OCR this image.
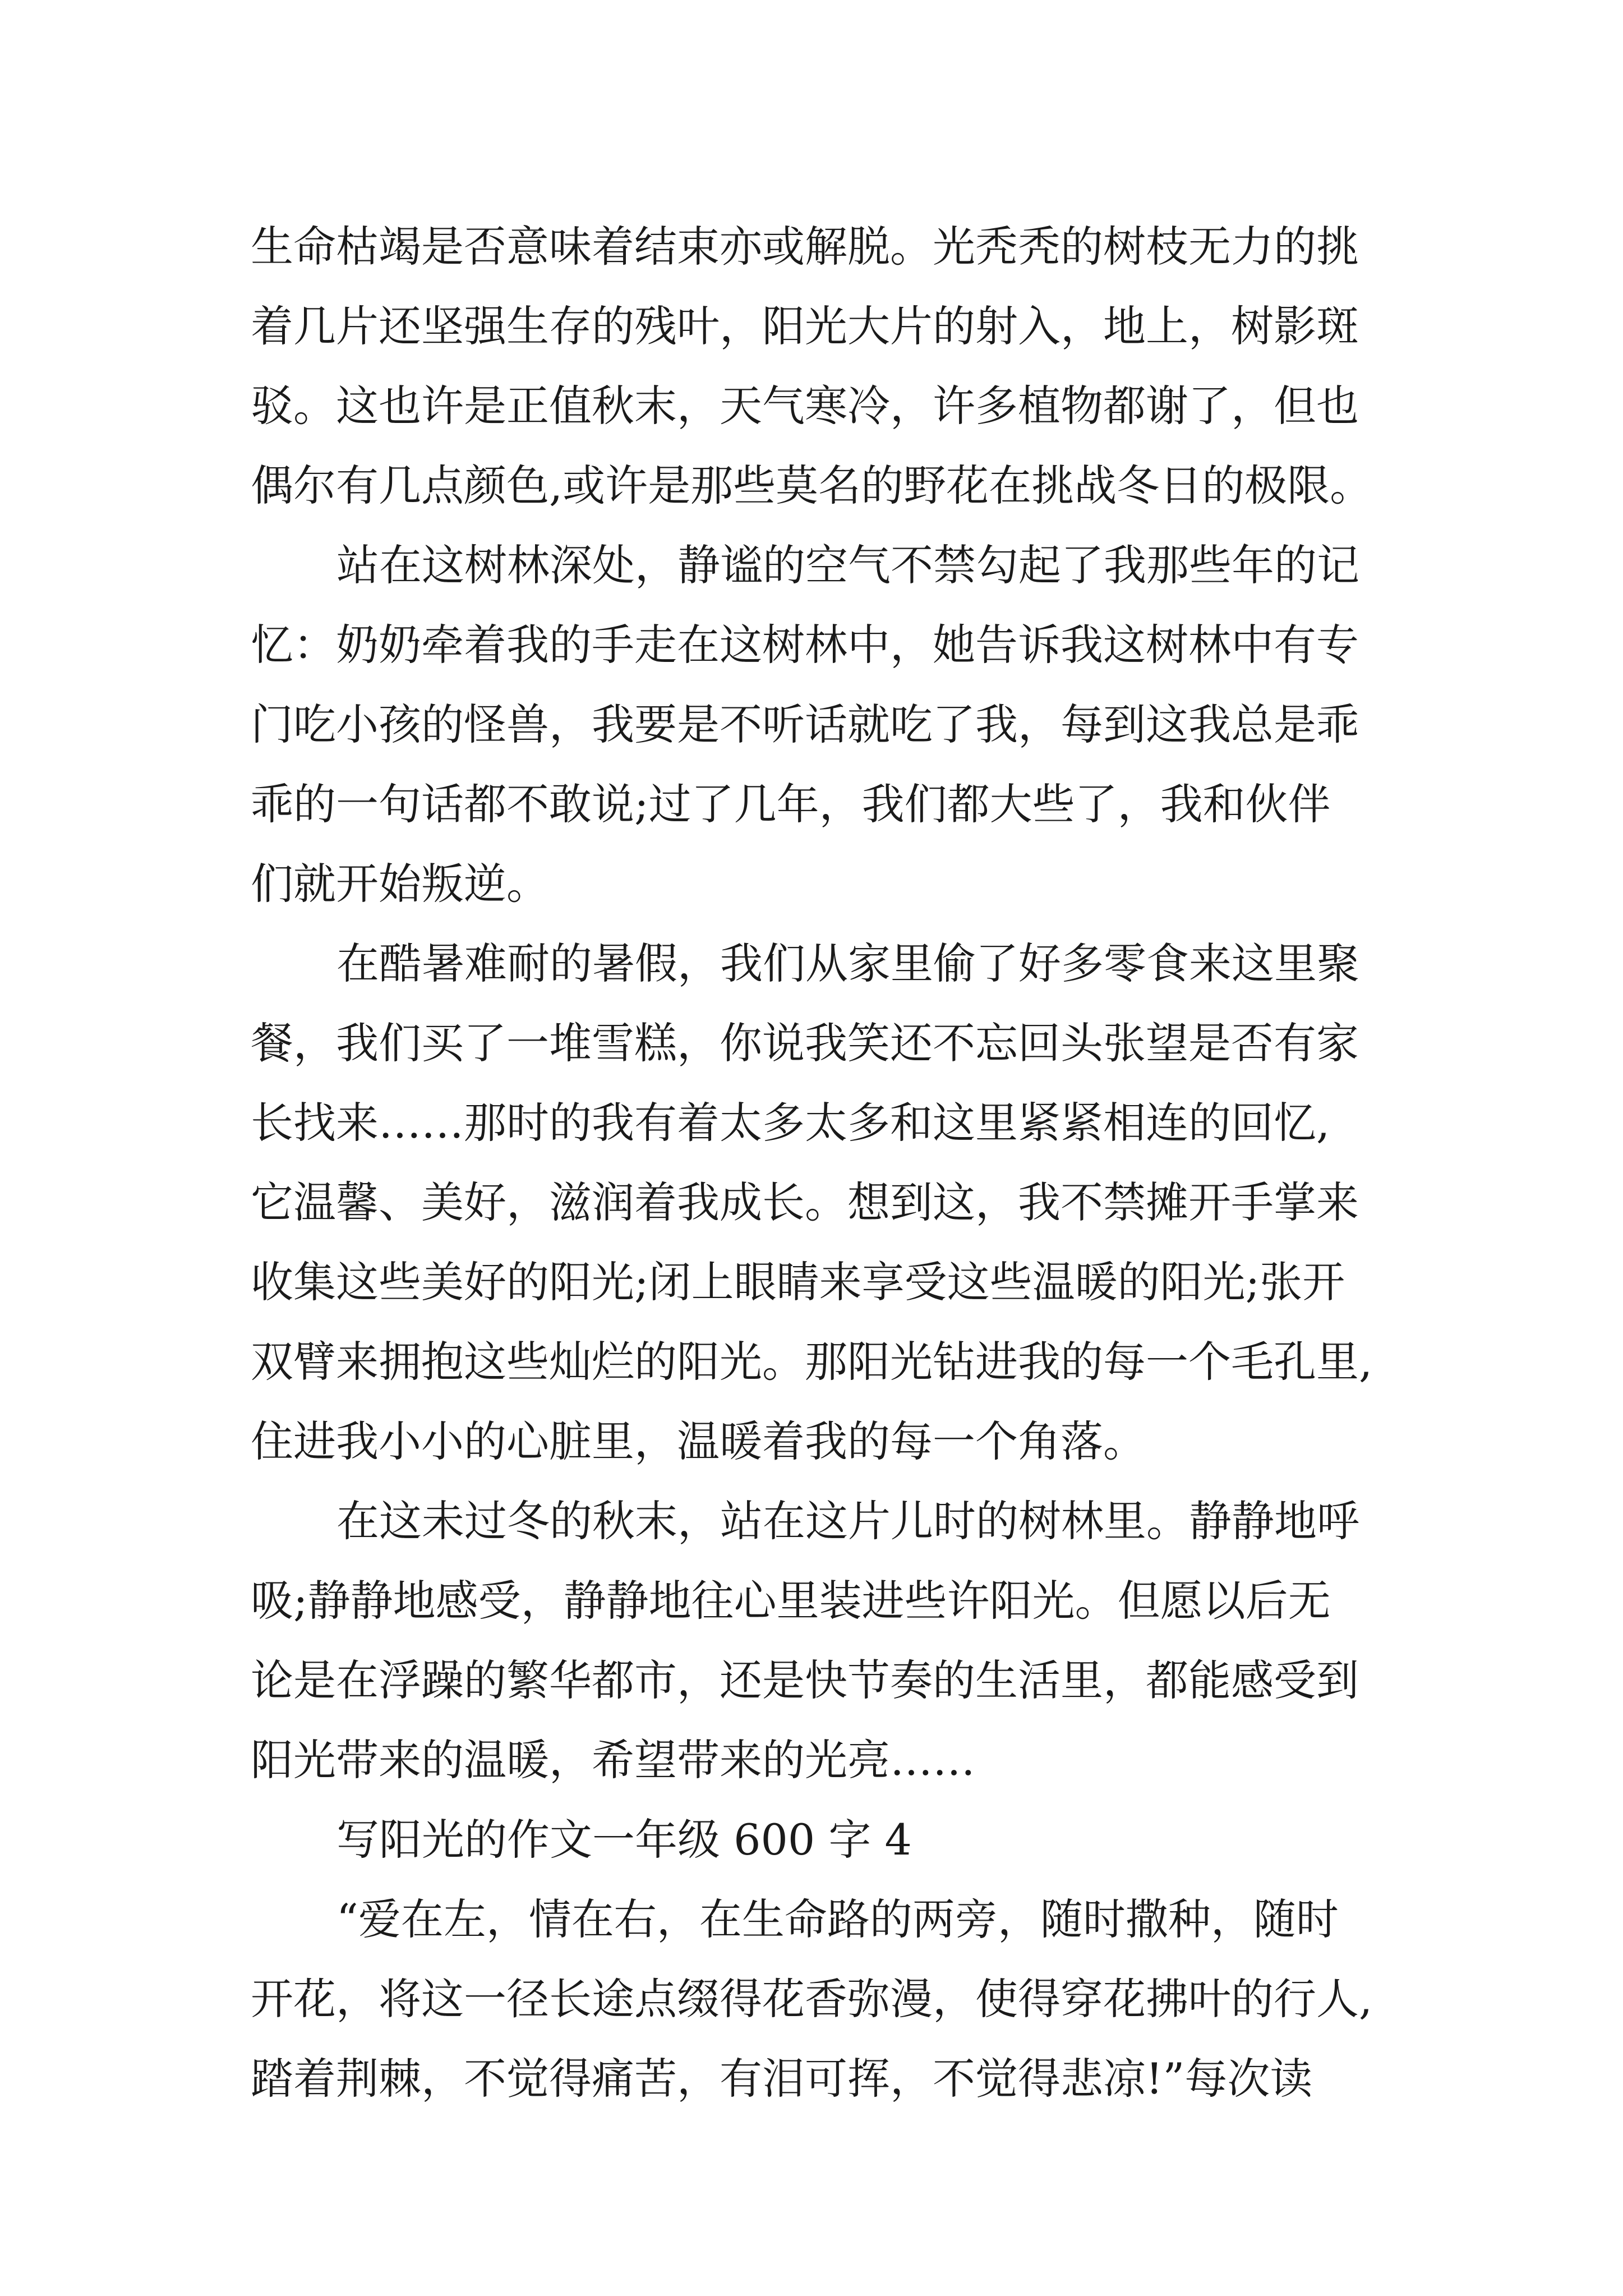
生命枯竭是否意味着结束亦或解脱。光秃秃的树枝无力的挑
着几片还坚强生存的残叶，阳光大片的射入，地上，树影斑
驳。这也许是正值秋末，天气寒冷，许多植物都谢了，但也
偶尔有几点颜色,或许是那些莫名的野花在挑战冬日的极限。
站在这树林深处，静谧的空气不禁勾起了我那些年的记
忆：奶奶牵着我的手走在这树林中，她告诉我这树林中有专
门吃小孩的怪兽，我要是不听话就吃了我，每到这我总是乖
乖的一句话都不敢说;过了几年，我们都大些了，我和伙伴
们就开始叛逆。
在酷暑难耐的暑假，我们从家里偷了好多零食来这里聚
餐，我们买了一堆雪糕，你说我笑还不忘回头张望是否有家
长找来……那时的我有着太多太多和这里紧紧相连的回忆,
它温馨、美好，滋润着我成长。想到这，我不禁摊开手掌来
收集这些美好的阳光;闭上眼睛来享受这些温暖的阳光;张开
双臂来拥抱这些灿烂的阳光。那阳光钻进我的每一个毛孔里,
住进我小小的心脏里，温暖着我的每一个角落。
在这未过冬的秋末，站在这片儿时的树林里。静静地呼
吸;静静地感受，静静地往心里装进些许阳光。但愿以后无
论是在浮躁的繁华都市，还是快节奏的生活里，都能感受到
阳光带来的温暖，希望带来的光亮……
写阳光的作文一年级 600 字 4
“爱在左，情在右，在生命路的两旁，随时撒种，随时
开花，将这一径长途点缀得花香弥漫，使得穿花拂叶的行人,
踏着荆棘，不觉得痛苦，有泪可挥，不觉得悲凉!”每次读
